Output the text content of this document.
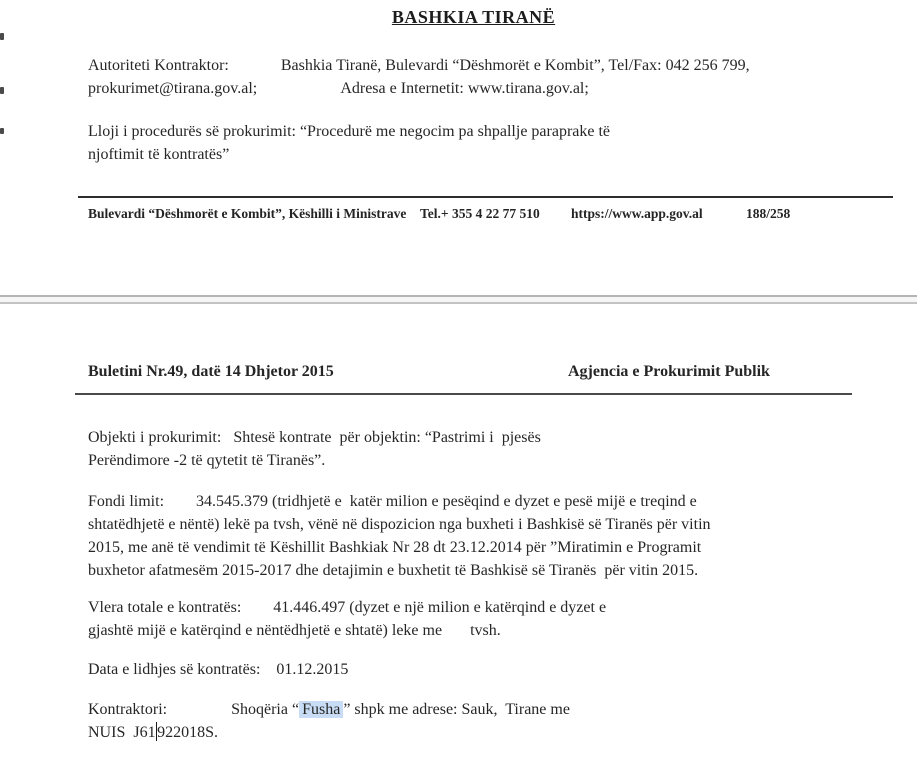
BASHKIA TIRANË
Autoriteti Kontraktor:             Bashkia Tiranë, Bulevardi “Dëshmorët e Kombit”, Tel/Fax: 042 256 799,
prokurimet@tirana.gov.al;                     Adresa e Internetit: www.tirana.gov.al;
Lloji i procedurës së prokurimit: “Procedurë me negocim pa shpallje paraprake të
njoftimit të kontratës”
Bulevardi “Dëshmorët e Kombit”, Këshilli i Ministrave Tel.+ 355 4 22 77 510 https://www.app.gov.al	188/258
Buletini Nr.49, datë 14 Dhjetor 2015	Agjencia e Prokurimit Publik
Objekti i prokurimit:   Shtesë kontrate  për objektin: “Pastrimi i  pjesës
Perëndimore -2 të qytetit të Tiranës”.
Fondi limit:        34.545.379 (tridhjetë e  katër milion e pesëqind e dyzet e pesë mijë e treqind e
shtatëdhjetë e nëntë) lekë pa tvsh, vënë në dispozicion nga buxheti i Bashkisë së Tiranës për vitin
2015, me anë të vendimit të Këshillit Bashkiak Nr 28 dt 23.12.2014 për ”Miratimin e Programit
buxhetor afatmesëm 2015-2017 dhe detajimin e buxhetit të Bashkisë së Tiranës  për vitin 2015.
Vlera totale e kontratës:        41.446.497 (dyzet e një milion e katërqind e dyzet e
gjashtë mijë e katërqind e nëntëdhjetë e shtatë) leke me       tvsh.
Data e lidhjes së kontratës:    01.12.2015
Kontraktori:                Shoqëria “ Fusha ” shpk me adrese: Sauk,  Tirane me
NUIS  J61922018S.
